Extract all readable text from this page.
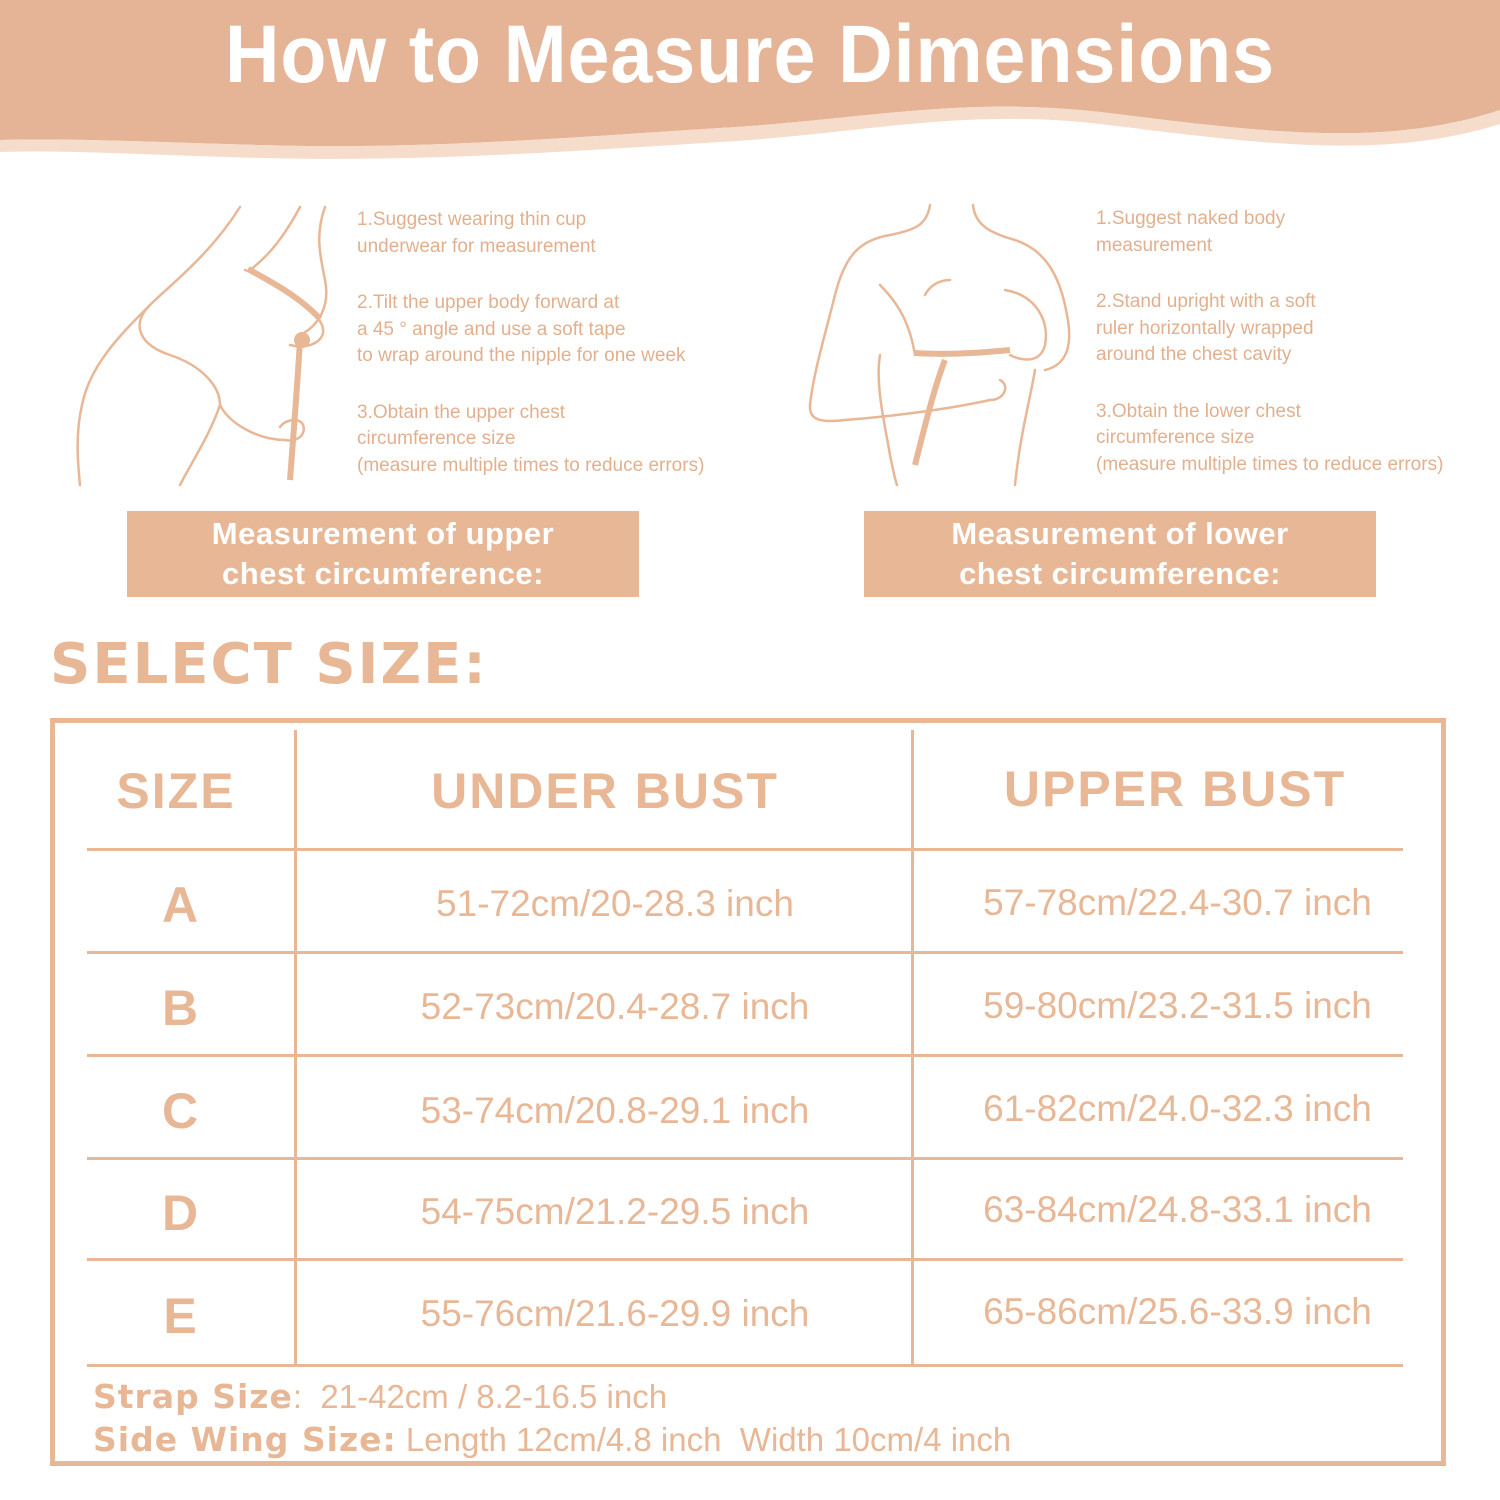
How to Measure Dimensions

1.Suggest wearing thin cup
underwear for measurement

2.Tilt the upper body forward at
a 45 ° angle and use a soft tape
to wrap around the nipple for one week

3.Obtain the upper chest
circumference size
(measure multiple times to reduce errors)

Measurement of upper
chest circumference:

1.Suggest naked body
measurement

2.Stand upright with a soft
ruler horizontally wrapped
around the chest cavity

3.Obtain the lower chest
circumference size
(measure multiple times to reduce errors)

Measurement of lower
chest circumference:
SELECT SIZE:
SIZE	UNDER BUST	UPPER BUST
A	51-72cm/20-28.3 inch	57-78cm/22.4-30.7 inch
B	52-73cm/20.4-28.7 inch	59-80cm/23.2-31.5 inch
C	53-74cm/20.8-29.1 inch	61-82cm/24.0-32.3 inch
D	54-75cm/21.2-29.5 inch	63-84cm/24.8-33.1 inch
E	55-76cm/21.6-29.9 inch	65-86cm/25.6-33.9 inch
Strap Size:  21-42cm / 8.2-16.5 inch
Side Wing Size: Length 12cm/4.8 inch  Width 10cm/4 inch
